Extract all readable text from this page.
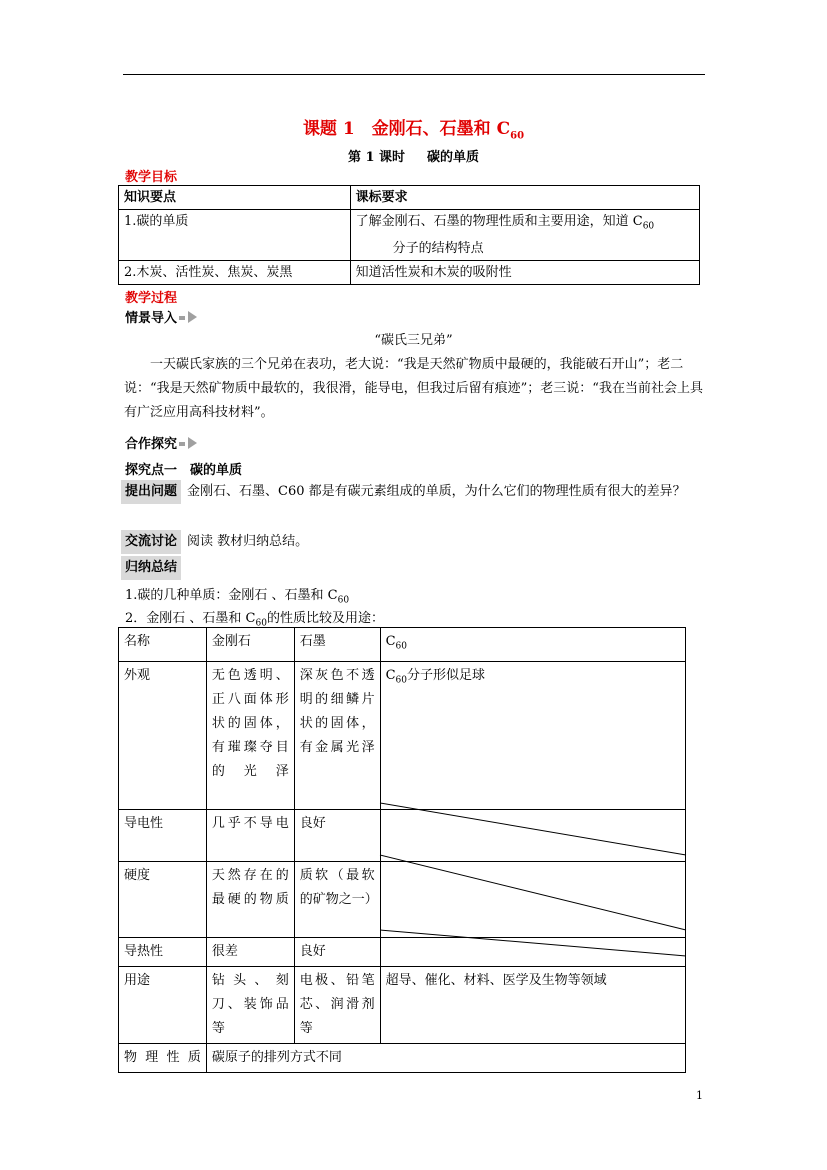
课题 1　金刚石、石墨和 $C_{60}$
第 1 课时 碳的单质
教学目标
知识要点	课标要求
1.碳的单质	了解金刚石、石墨的物理性质和主要用途，知道 $C_{60}$
分子的结构特点
2.木炭、活性炭、焦炭、炭黑	知道活性炭和木炭的吸附性
教学过程
情景导入
“碳氏三兄弟”
一天碳氏家族的三个兄弟在表功，老大说：“我是天然矿物质中最硬的，我能破石开山”；老二说：“我是天然矿物质中最软的，我很滑，能导电，但我过后留有痕迹”；老三说：“我在当前社会上具有广泛应用高科技材料”。
合作探究
探究点一　碳的单质
提出问题 金刚石、石墨、C60 都是有碳元素组成的单质，为什么它们的物理性质有很大的差异？
交流讨论 阅读 教材归纳总结。
归纳总结
1.碳的几种单质：金刚石 、石墨和 $C_{60}$
2．金刚石 、石墨和 $C_{60}$的性质比较及用途：
名称	金刚石	石墨	$C_{60}$
外观	无色透明、正八面体形状的固体，有璀璨夺目的光泽	深灰色不透明的细鳞片状的固体，有金属光泽	$C_{60}$分子形似足球
导电性	几乎不导电	良好	
硬度	天然存在的最硬的物质	质软（最软的矿物之一）	
导热性	很差	良好	
用途	钻头、刻刀、装饰品等	电极、铅笔芯、润滑剂等	超导、催化、材料、医学及生物等领域
物理性质	碳原子的排列方式不同		
1
